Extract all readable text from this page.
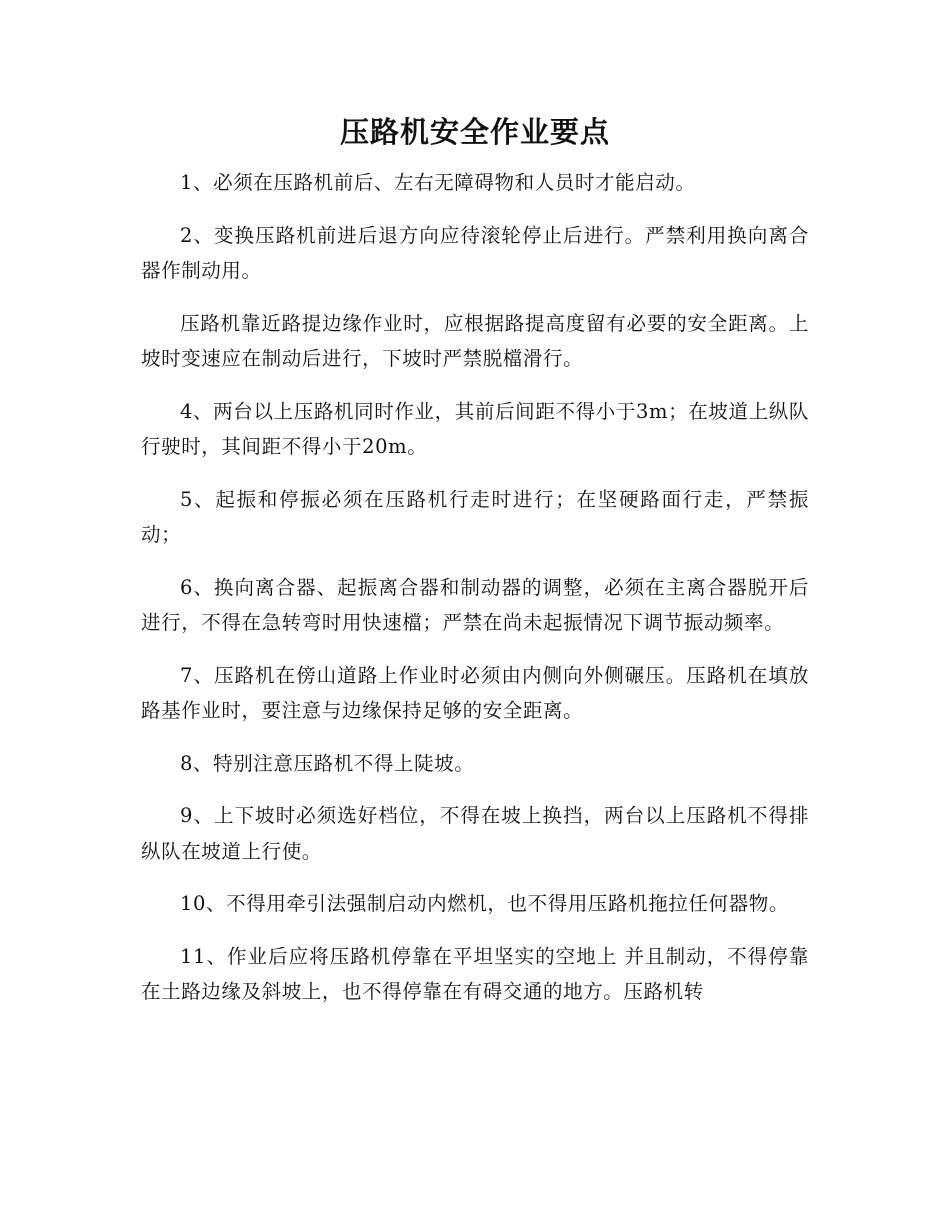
压路机安全作业要点

1、必须在压路机前后、左右无障碍物和人员时才能启动。

2、变换压路机前进后退方向应待滚轮停止后进行。严禁利用换向离合器作制动用。

压路机靠近路提边缘作业时，应根据路提高度留有必要的安全距离。上坡时变速应在制动后进行，下坡时严禁脱檔滑行。

4、两台以上压路机同时作业，其前后间距不得小于3m；在坡道上纵队行驶时，其间距不得小于20m。

5、起振和停振必须在压路机行走时进行；在坚硬路面行走，严禁振动；

6、换向离合器、起振离合器和制动器的调整，必须在主离合器脱开后进行，不得在急转弯时用快速檔；严禁在尚未起振情况下调节振动频率。

7、压路机在傍山道路上作业时必须由内侧向外侧碾压。压路机在填放路基作业时，要注意与边缘保持足够的安全距离。

8、特别注意压路机不得上陡坡。

9、上下坡时必须选好档位，不得在坡上换挡，两台以上压路机不得排纵队在坡道上行使。

10、不得用牵引法强制启动内燃机，也不得用压路机拖拉任何器物。

11、作业后应将压路机停靠在平坦坚实的空地上 并且制动，不得停靠在土路边缘及斜坡上，也不得停靠在有碍交通的地方。压路机转
